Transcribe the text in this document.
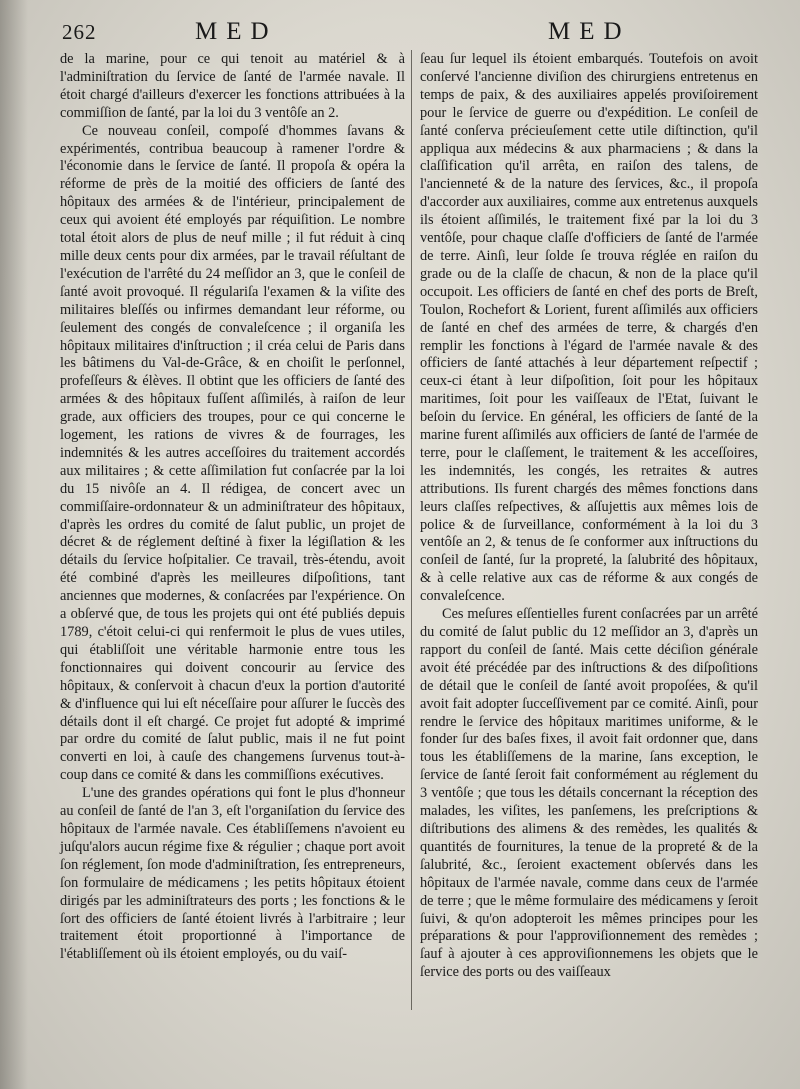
262	MED	MED

de la marine, pour ce qui tenoit au matériel & à l'adminiſtration du ſervice de ſanté de l'armée navale. Il étoit chargé d'ailleurs d'exercer les fonctions attribuées à la commiſſion de ſanté, par la loi du 3 ventôſe an 2.

Ce nouveau conſeil, compoſé d'hommes ſavans & expérimentés, contribua beaucoup à ramener l'ordre & l'économie dans le ſervice de ſanté. Il propoſa & opéra la réforme de près de la moitié des officiers de ſanté des hôpitaux des armées & de l'intérieur, principalement de ceux qui avoient été employés par réquiſition. Le nombre total étoit alors de plus de neuf mille ; il fut réduit à cinq mille deux cents pour dix armées, par le travail réſultant de l'exécution de l'arrêté du 24 meſſidor an 3, que le conſeil de ſanté avoit provoqué. Il régulariſa l'examen & la viſite des militaires bleſſés ou infirmes demandant leur réforme, ou ſeulement des congés de convaleſcence ; il organiſa les hôpitaux militaires d'inſtruction ; il créa celui de Paris dans les bâtimens du Val-de-Grâce, & en choiſit le perſonnel, profeſſeurs & élèves. Il obtint que les officiers de ſanté des armées & des hôpitaux fuſſent aſſimilés, à raiſon de leur grade, aux officiers des troupes, pour ce qui concerne le logement, les rations de vivres & de fourrages, les indemnités & les autres acceſſoires du traitement accordés aux militaires ; & cette aſſimilation fut conſacrée par la loi du 15 nivôſe an 4. Il rédigea, de concert avec un commiſſaire-ordonnateur & un adminiſtrateur des hôpitaux, d'après les ordres du comité de ſalut public, un projet de décret & de réglement deſtiné à fixer la légiſlation & les détails du ſervice hoſpitalier. Ce travail, très-étendu, avoit été combiné d'après les meilleures diſpoſitions, tant anciennes que modernes, & conſacrées par l'expérience. On a obſervé que, de tous les projets qui ont été publiés depuis 1789, c'étoit celui-ci qui renfermoit le plus de vues utiles, qui établiſſoit une véritable harmonie entre tous les fonctionnaires qui doivent concourir au ſervice des hôpitaux, & conſervoit à chacun d'eux la portion d'autorité & d'influence qui lui eſt néceſſaire pour aſſurer le ſuccès des détails dont il eſt chargé. Ce projet fut adopté & imprimé par ordre du comité de ſalut public, mais il ne fut point converti en loi, à cauſe des changemens ſurvenus tout-à-coup dans ce comité & dans les commiſſions exécutives.

L'une des grandes opérations qui font le plus d'honneur au conſeil de ſanté de l'an 3, eſt l'organiſation du ſervice des hôpitaux de l'armée navale. Ces établiſſemens n'avoient eu juſqu'alors aucun régime fixe & régulier ; chaque port avoit ſon réglement, ſon mode d'adminiſtration, ſes entrepreneurs, ſon formulaire de médicamens ; les petits hôpitaux étoient dirigés par les adminiſtrateurs des ports ; les fonctions & le ſort des officiers de ſanté étoient livrés à l'arbitraire ; leur traitement étoit proportionné à l'importance de l'établiſſement où ils étoient employés, ou du vaiſ-

ſeau ſur lequel ils étoient embarqués. Toutefois on avoit conſervé l'ancienne diviſion des chirurgiens entretenus en temps de paix, & des auxiliaires appelés proviſoirement pour le ſervice de guerre ou d'expédition. Le conſeil de ſanté conſerva précieuſement cette utile diſtinction, qu'il appliqua aux médecins & aux pharmaciens ; & dans la claſſification qu'il arrêta, en raiſon des talens, de l'ancienneté & de la nature des ſervices, &c., il propoſa d'accorder aux auxiliaires, comme aux entretenus auxquels ils étoient aſſimilés, le traitement fixé par la loi du 3 ventôſe, pour chaque claſſe d'officiers de ſanté de l'armée de terre. Ainſi, leur ſolde ſe trouva réglée en raiſon du grade ou de la claſſe de chacun, & non de la place qu'il occupoit. Les officiers de ſanté en chef des ports de Breſt, Toulon, Rochefort & Lorient, furent aſſimilés aux officiers de ſanté en chef des armées de terre, & chargés d'en remplir les fonctions à l'égard de l'armée navale & des officiers de ſanté attachés à leur département reſpectif ; ceux-ci étant à leur diſpoſition, ſoit pour les hôpitaux maritimes, ſoit pour les vaiſſeaux de l'Etat, ſuivant le beſoin du ſervice. En général, les officiers de ſanté de la marine furent aſſimilés aux officiers de ſanté de l'armée de terre, pour le claſſement, le traitement & les acceſſoires, les indemnités, les congés, les retraites & autres attributions. Ils furent chargés des mêmes fonctions dans leurs claſſes reſpectives, & aſſujettis aux mêmes lois de police & de ſurveillance, conformément à la loi du 3 ventôſe an 2, & tenus de ſe conformer aux inſtructions du conſeil de ſanté, ſur la propreté, la ſalubrité des hôpitaux, & à celle relative aux cas de réforme & aux congés de convaleſcence.

Ces meſures eſſentielles furent conſacrées par un arrêté du comité de ſalut public du 12 meſſidor an 3, d'après un rapport du conſeil de ſanté. Mais cette déciſion générale avoit été précédée par des inſtructions & des diſpoſitions de détail que le conſeil de ſanté avoit propoſées, & qu'il avoit fait adopter ſucceſſivement par ce comité. Ainſi, pour rendre le ſervice des hôpitaux maritimes uniforme, & le fonder ſur des baſes fixes, il avoit fait ordonner que, dans tous les établiſſemens de la marine, ſans exception, le ſervice de ſanté ſeroit fait conformément au réglement du 3 ventôſe ; que tous les détails concernant la réception des malades, les viſites, les panſemens, les preſcriptions & diſtributions des alimens & des remèdes, les qualités & quantités de fournitures, la tenue de la propreté & de la ſalubrité, &c., ſeroient exactement obſervés dans les hôpitaux de l'armée navale, comme dans ceux de l'armée de terre ; que le même formulaire des médicamens y ſeroit ſuivi, & qu'on adopteroit les mêmes principes pour les préparations & pour l'approviſionnement des remèdes ; ſauf à ajouter à ces approviſionnemens les objets que le ſervice des ports ou des vaiſſeaux
